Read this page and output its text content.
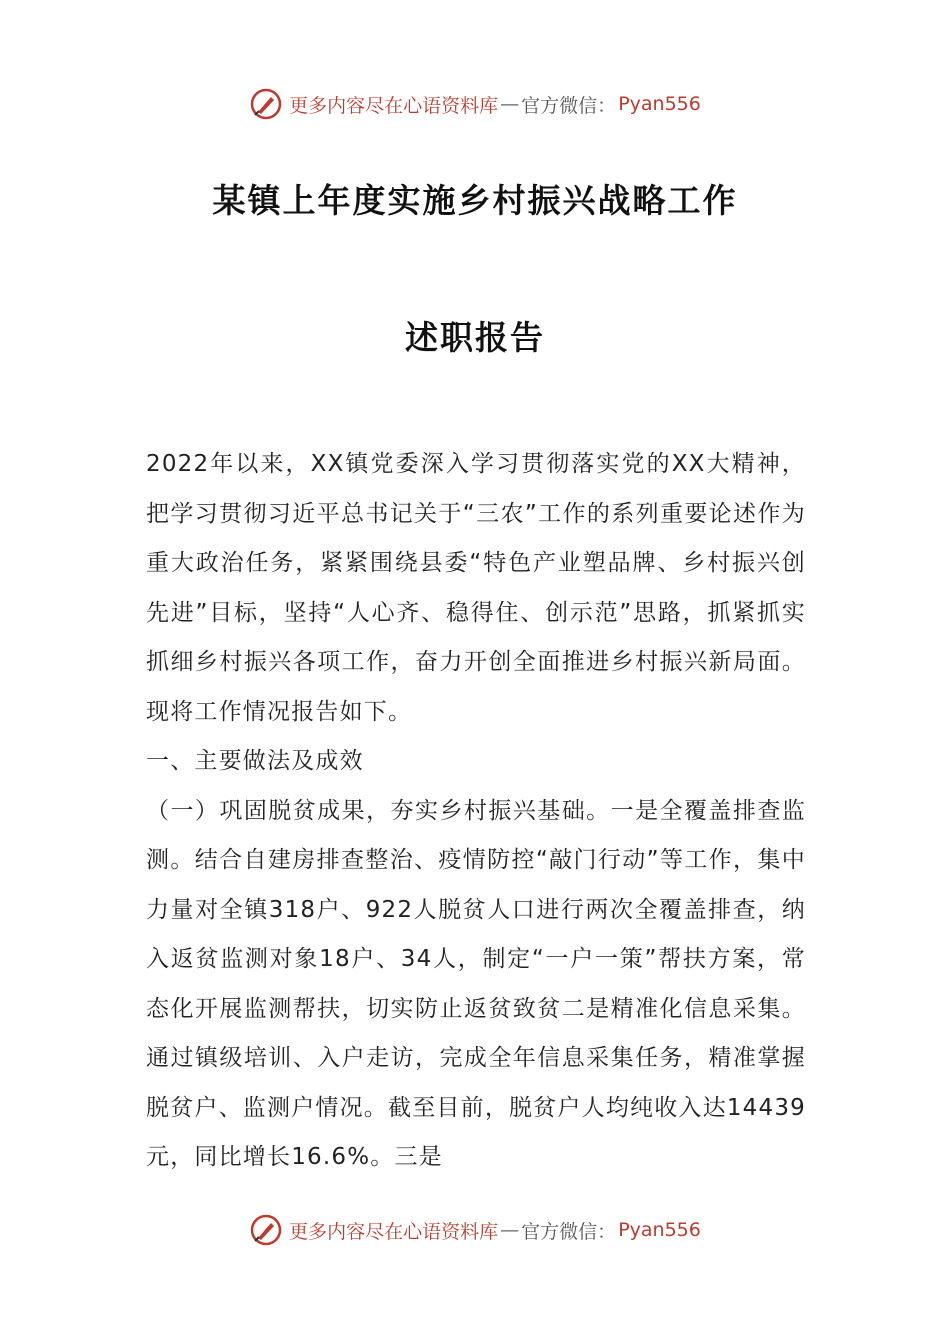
更多内容尽在心语资料库 — 官方微信： Pyan556
某镇上年度实施乡村振兴战略工作
述职报告

2022年以来，XX镇党委深入学习贯彻落实党的XX大精神，把学习贯彻习近平总书记关于“三农”工作的系列重要论述作为重大政治任务，紧紧围绕县委“特色产业塑品牌、乡村振兴创先进”目标，坚持“人心齐、稳得住、创示范”思路，抓紧抓实抓细乡村振兴各项工作，奋力开创全面推进乡村振兴新局面。现将工作情况报告如下。

一、主要做法及成效

（一）巩固脱贫成果，夯实乡村振兴基础。一是全覆盖排查监测。结合自建房排查整治、疫情防控“敲门行动”等工作，集中力量对全镇318户、922人脱贫人口进行两次全覆盖排查，纳入返贫监测对象18户、34人，制定“一户一策”帮扶方案，常态化开展监测帮扶，切实防止返贫致贫二是精准化信息采集。通过镇级培训、入户走访，完成全年信息采集任务，精准掌握脱贫户、监测户情况。截至目前，脱贫户人均纯收入达14439元，同比增长16.6%。三是

更多内容尽在心语资料库 — 官方微信： Pyan556
